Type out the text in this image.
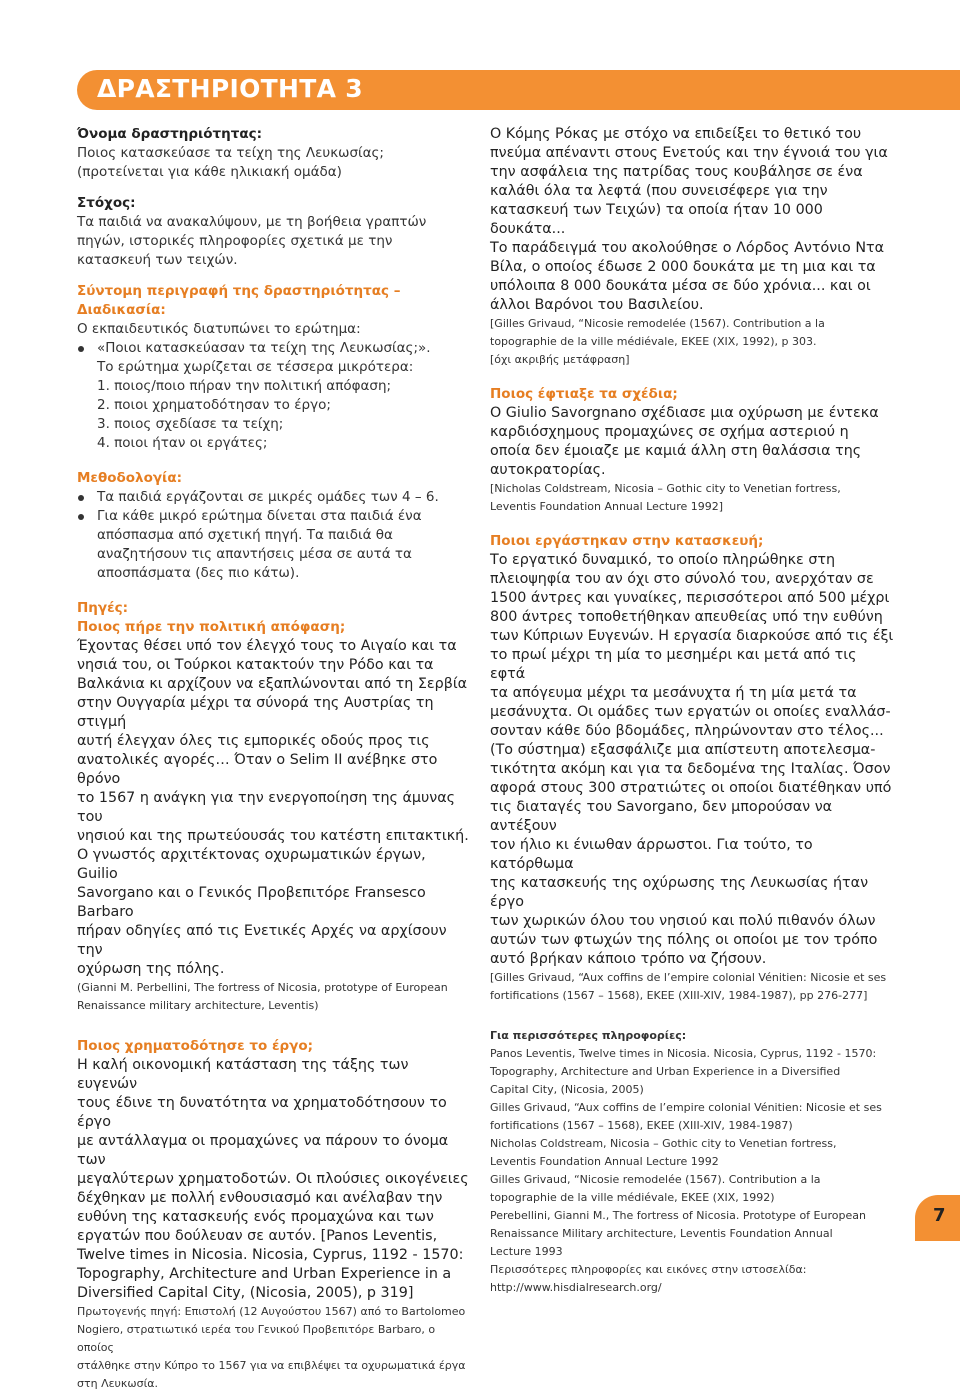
ΔΡΑΣΤΗΡΙΟΤΗΤΑ 3

Όνομα δραστηριότητας:

Ποιος κατασκεύασε τα τείχη της Λευκωσίας;

(προτείνεται για κάθε ηλικιακή ομάδα)

Στόχος:

Τα παιδιά να ανακαλύψουν, με τη βοήθεια γραπτών

πηγών, ιστορικές πληροφορίες σχετικά με την

κατασκευή των τειχών.

Σύντομη περιγραφή της δραστηριότητας –

Διαδικασία:

Ο εκπαιδευτικός διατυπώνει το ερώτημα:

«Ποιοι κατασκεύασαν τα τείχη της Λευκωσίας;».

Το ερώτημα χωρίζεται σε τέσσερα μικρότερα:

1. ποιος/ποιο πήραν την πολιτική απόφαση;

2. ποιοι χρηματοδότησαν το έργο;

3. ποιος σχεδίασε τα τείχη;

4. ποιοι ήταν οι εργάτες;

Μεθοδολογία:

Τα παιδιά εργάζονται σε μικρές ομάδες των 4 – 6.

Για κάθε μικρό ερώτημα δίνεται στα παιδιά ένα

απόσπασμα από σχετική πηγή. Τα παιδιά θα

αναζητήσουν τις απαντήσεις μέσα σε αυτά τα

αποσπάσματα (δες πιο κάτω).

Πηγές:

Ποιος πήρε την πολιτική απόφαση;

Έχοντας θέσει υπό τον έλεγχό τους το Αιγαίο και τα

νησιά του, οι Τούρκοι κατακτούν την Ρόδο και τα

Βαλκάνια κι αρχίζουν να εξαπλώνονται από τη Σερβία

στην Ουγγαρία μέχρι τα σύνορά της Αυστρίας τη στιγμή

αυτή έλεγχαν όλες τις εμπορικές οδούς προς τις

ανατολικές αγορές… Όταν ο Selim II ανέβηκε στο θρόνο

το 1567 η ανάγκη για την ενεργοποίηση της άμυνας του

νησιού και της πρωτεύουσάς του κατέστη επιτακτική.

Ο γνωστός αρχιτέκτονας οχυρωματικών έργων, Guilio

Savorgano και ο Γενικός Προβεπιτόρε Fransesco Barbaro

πήραν οδηγίες από τις Ενετικές Αρχές να αρχίσουν την

οχύρωση της πόλης.

(Gianni M. Perbellini, The fortress of Nicosia, prototype of European

Renaissance military architecture, Leventis)

Ποιος χρηματοδότησε το έργο;

Η καλή οικονομική κατάσταση της τάξης των ευγενών

τους έδινε τη δυνατότητα να χρηματοδότησουν το έργο

με αντάλλαγμα οι προμαχώνες να πάρουν το όνομα των

μεγαλύτερων χρηματοδοτών. Οι πλούσιες οικογένειες

δέχθηκαν με πολλή ενθουσιασμό και ανέλαβαν την

ευθύνη της κατασκευής ενός προμαχώνα και των

εργατών που δούλευαν σε αυτόν. [Panos Leventis,

Twelve times in Nicosia. Nicosia, Cyprus, 1192 - 1570:

Topography, Architecture and Urban Experience in a

Diversified Capital City, (Nicosia, 2005), p 319]

Πρωτογενής πηγή: Επιστολή (12 Αυγούστου 1567) από το Bartolomeo

Nogiero, στρατιωτικό ιερέα του Γενικού Προβεπιτόρε Barbaro, ο οποίος

στάλθηκε στην Κύπρο το 1567 για να επιβλέψει τα οχυρωματικά έργα

στη Λευκωσία.

Ο Κόμης Ρόκας με στόχο να επιδείξει το θετικό του

πνεύμα απέναντι στους Ενετούς και την έγνοιά του για

την ασφάλεια της πατρίδας τους κουβάλησε σε ένα

καλάθι όλα τα λεφτά (που συνεισέφερε για την

κατασκευή των Τειχών) τα οποία ήταν 10 000 δουκάτα...

Το παράδειγμά του ακολούθησε ο Λόρδος Αντόνιο Ντα

Βίλα, ο οποίος έδωσε 2 000 δουκάτα με τη μια και τα

υπόλοιπα 8 000 δουκάτα μέσα σε δύο χρόνια... και οι

άλλοι Βαρόνοι του Βασιλείου.

[Gilles Grivaud, “Nicosie remodelée (1567). Contribution a la

topographie de la ville médiévale, ΕΚΕΕ (XIX, 1992), p 303.

[όχι ακριβής μετάφραση]

Ποιος έφτιαξε τα σχέδια;

Ο Giulio Savorgnano σχέδιασε μια οχύρωση με έντεκα

καρδιόσχημους προμαχώνες σε σχήμα αστεριού η

οποία δεν έμοιαζε με καμιά άλλη στη θαλάσσια της

αυτοκρατορίας.

[Nicholas Coldstream, Nicosia – Gothic city to Venetian fortress,

Leventis Foundation Annual Lecture 1992]

Ποιοι εργάστηκαν στην κατασκευή;

Το εργατικό δυναμικό, το οποίο πληρώθηκε στη

πλειοψηφία του αν όχι στο σύνολό του, ανερχόταν σε

1500 άντρες και γυναίκες, περισσότεροι από 500 μέχρι

800 άντρες τοποθετήθηκαν απευθείας υπό την ευθύνη

των Κύπριων Ευγενών. Η εργασία διαρκούσε από τις έξι

το πρωί μέχρι τη μία το μεσημέρι και μετά από τις εφτά

τα απόγευμα μέχρι τα μεσάνυχτα ή τη μία μετά τα

μεσάνυχτα. Οι ομάδες των εργατών οι οποίες εναλλάσ-

σονταν κάθε δύο βδομάδες, πληρώνονταν στο τέλος...

(Το σύστημα) εξασφάλιζε μια απίστευτη αποτελεσμα-

τικότητα ακόμη και για τα δεδομένα της Ιταλίας. Όσον

αφορά στους 300 στρατιώτες οι οποίοι διατέθηκαν υπό

τις διαταγές του Savorgano, δεν μπορούσαν να αντέξουν

τον ήλιο κι ένιωθαν άρρωστοι. Για τούτο, το κατόρθωμα

της κατασκευής της οχύρωσης της Λευκωσίας ήταν έργο

των χωρικών όλου του νησιού και πολύ πιθανόν όλων

αυτών των φτωχών της πόλης οι οποίοι με τον τρόπο

αυτό βρήκαν κάποιο τρόπο να ζήσουν.

[Gilles Grivaud, “Aux coffins de l’empire colonial Vénitien: Nicosie et ses

fortifications (1567 – 1568), ΕΚΕΕ (XIII-XIV, 1984-1987), pp 276-277]

Για περισσότερες πληροφορίες:

Panos Leventis, Twelve times in Nicosia. Nicosia, Cyprus, 1192 - 1570:

Topography, Architecture and Urban Experience in a Diversified

Capital City, (Nicosia, 2005)

Gilles Grivaud, “Aux coffins de l’empire colonial Vénitien: Nicosie et ses

fortifications (1567 – 1568), ΕΚΕΕ (XIII-XIV, 1984-1987)

Nicholas Coldstream, Nicosia – Gothic city to Venetian fortress,

Leventis Foundation Annual Lecture 1992

Gilles Grivaud, “Nicosie remodelée (1567). Contribution a la

topographie de la ville médiévale, ΕΚΕΕ (XIX, 1992)

Perebellini, Gianni M., The fortress of Nicosia. Prototype of European

Renaissance Military architecture, Leventis Foundation Annual

Lecture 1993

Περισσότερες πληροφορίες και εικόνες στην ιστοσελίδα:

http://www.hisdialresearch.org/

7
